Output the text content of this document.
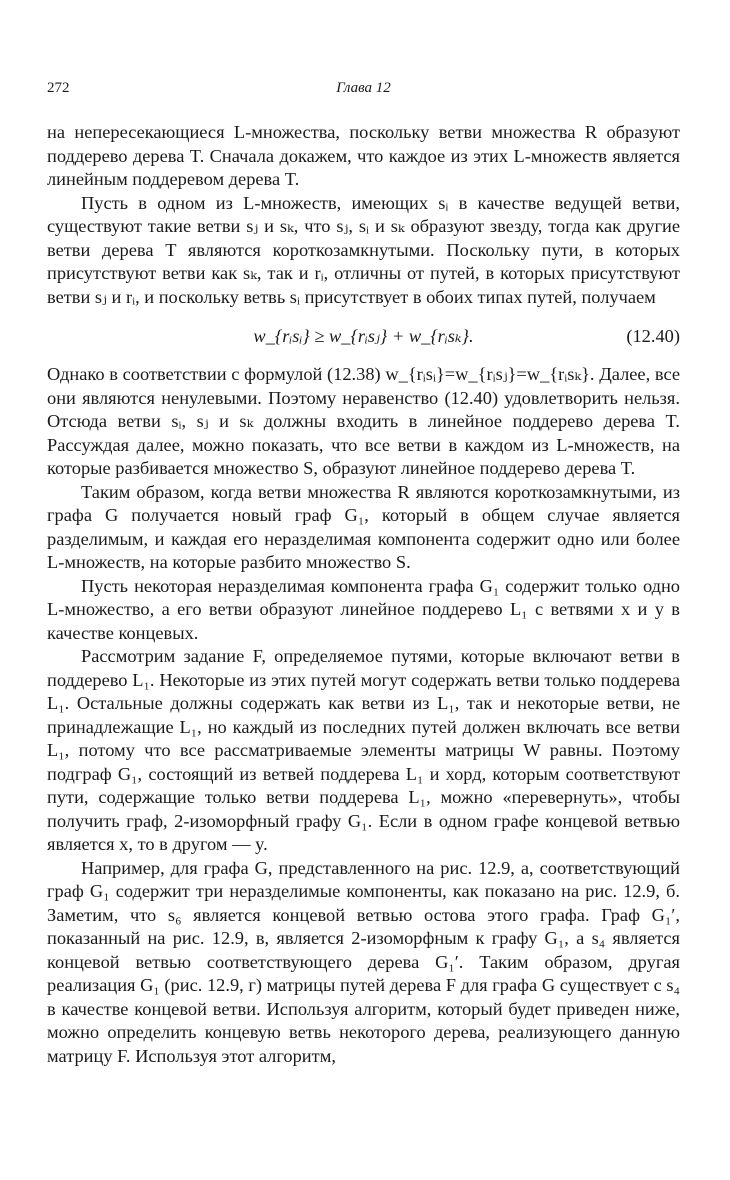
272	Глава 12

на непересекающиеся L-множества, поскольку ветви множества R образуют поддерево дерева T. Сначала докажем, что каждое из этих L-множеств является линейным поддеревом дерева T.

Пусть в одном из L-множеств, имеющих sᵢ в качестве ведущей ветви, существуют такие ветви sⱼ и sₖ, что sⱼ, sᵢ и sₖ образуют звезду, тогда как другие ветви дерева T являются короткозамкнутыми. Поскольку пути, в которых присутствуют ветви как sₖ, так и rᵢ, отличны от путей, в которых присутствуют ветви sⱼ и rᵢ, и поскольку ветвь sᵢ присутствует в обоих типах путей, получаем

w_{rᵢsᵢ} ≥ w_{rᵢsⱼ} + w_{rᵢsₖ}.	(12.40)

Однако в соответствии с формулой (12.38) w_{rᵢsᵢ}=w_{rᵢsⱼ}=w_{rᵢsₖ}. Далее, все они являются ненулевыми. Поэтому неравенство (12.40) удовлетворить нельзя. Отсюда ветви sᵢ, sⱼ и sₖ должны входить в линейное поддерево дерева T. Рассуждая далее, можно показать, что все ветви в каждом из L-множеств, на которые разбивается множество S, образуют линейное поддерево дерева T.

Таким образом, когда ветви множества R являются короткозамкнутыми, из графа G получается новый граф G₁, который в общем случае является разделимым, и каждая его неразделимая компонента содержит одно или более L-множеств, на которые разбито множество S.

Пусть некоторая неразделимая компонента графа G₁ содержит только одно L-множество, а его ветви образуют линейное поддерево L₁ с ветвями x и y в качестве концевых.

Рассмотрим задание F, определяемое путями, которые включают ветви в поддерево L₁. Некоторые из этих путей могут содержать ветви только поддерева L₁. Остальные должны содержать как ветви из L₁, так и некоторые ветви, не принадлежащие L₁, но каждый из последних путей должен включать все ветви L₁, потому что все рассматриваемые элементы матрицы W равны. Поэтому подграф G₁, состоящий из ветвей поддерева L₁ и хорд, которым соответствуют пути, содержащие только ветви поддерева L₁, можно «перевернуть», чтобы получить граф, 2-изоморфный графу G₁. Если в одном графе концевой ветвью является x, то в другом — y.

Например, для графа G, представленного на рис. 12.9, а, соответствующий граф G₁ содержит три неразделимые компоненты, как показано на рис. 12.9, б. Заметим, что s₆ является концевой ветвью остова этого графа. Граф G₁′, показанный на рис. 12.9, в, является 2-изоморфным к графу G₁, а s₄ является концевой ветвью соответствующего дерева G₁′. Таким образом, другая реализация G₁ (рис. 12.9, г) матрицы путей дерева F для графа G существует с s₄ в качестве концевой ветви. Используя алгоритм, который будет приведен ниже, можно определить концевую ветвь некоторого дерева, реализующего данную матрицу F. Используя этот алгоритм,
